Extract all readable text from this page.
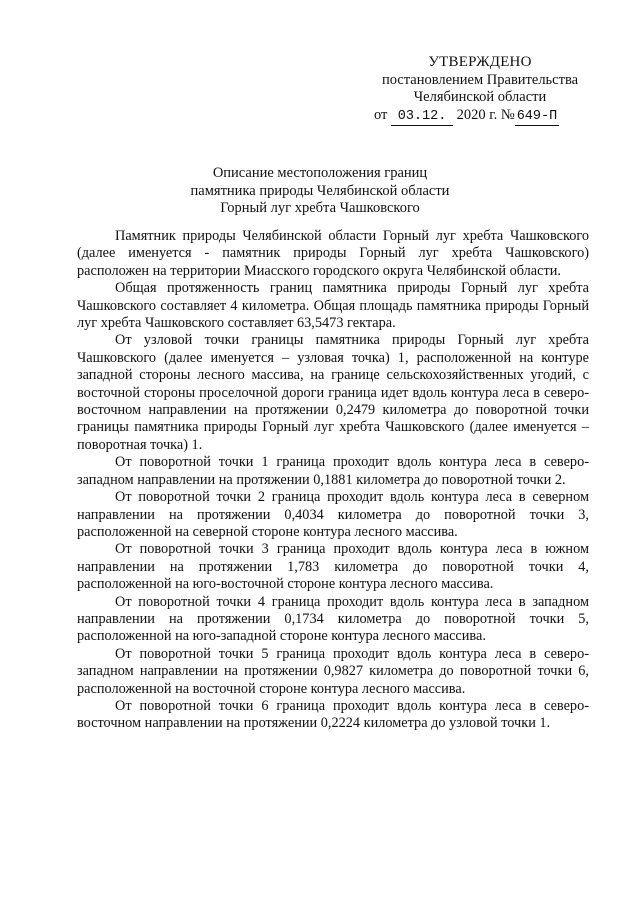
УТВЕРЖДЕНО
постановлением Правительства
Челябинской области
от 03.12. 2020 г. № 649-П
Описание местоположения границ
памятника природы Челябинской области
Горный луг хребта Чашковского

Памятник природы Челябинской области Горный луг хребта Чашковского (далее именуется - памятник природы Горный луг хребта Чашковского) расположен на территории Миасского городского округа Челябинской области.

Общая протяженность границ памятника природы Горный луг хребта Чашковского составляет 4 километра. Общая площадь памятника природы Горный луг хребта Чашковского составляет 63,5473 гектара.

От узловой точки границы памятника природы Горный луг хребта Чашковского (далее именуется – узловая точка) 1, расположенной на контуре западной стороны лесного массива, на границе сельскохозяйственных угодий, с восточной стороны проселочной дороги граница идет вдоль контура леса в северо-восточном направлении на протяжении 0,2479 километра до поворотной точки границы памятника природы Горный луг хребта Чашковского (далее именуется – поворотная точка) 1.

От поворотной точки 1 граница проходит вдоль контура леса в северо-западном направлении на протяжении 0,1881 километра до поворотной точки 2.

От поворотной точки 2 граница проходит вдоль контура леса в северном направлении на протяжении 0,4034 километра до поворотной точки 3, расположенной на северной стороне контура лесного массива.

От поворотной точки 3 граница проходит вдоль контура леса в южном направлении на протяжении 1,783 километра до поворотной точки 4, расположенной на юго-восточной стороне контура лесного массива.

От поворотной точки 4 граница проходит вдоль контура леса в западном направлении на протяжении 0,1734 километра до поворотной точки 5, расположенной на юго-западной стороне контура лесного массива.

От поворотной точки 5 граница проходит вдоль контура леса в северо-западном направлении на протяжении 0,9827 километра до поворотной точки 6, расположенной на восточной стороне контура лесного массива.

От поворотной точки 6 граница проходит вдоль контура леса в северо-восточном направлении на протяжении 0,2224 километра до узловой точки 1.
